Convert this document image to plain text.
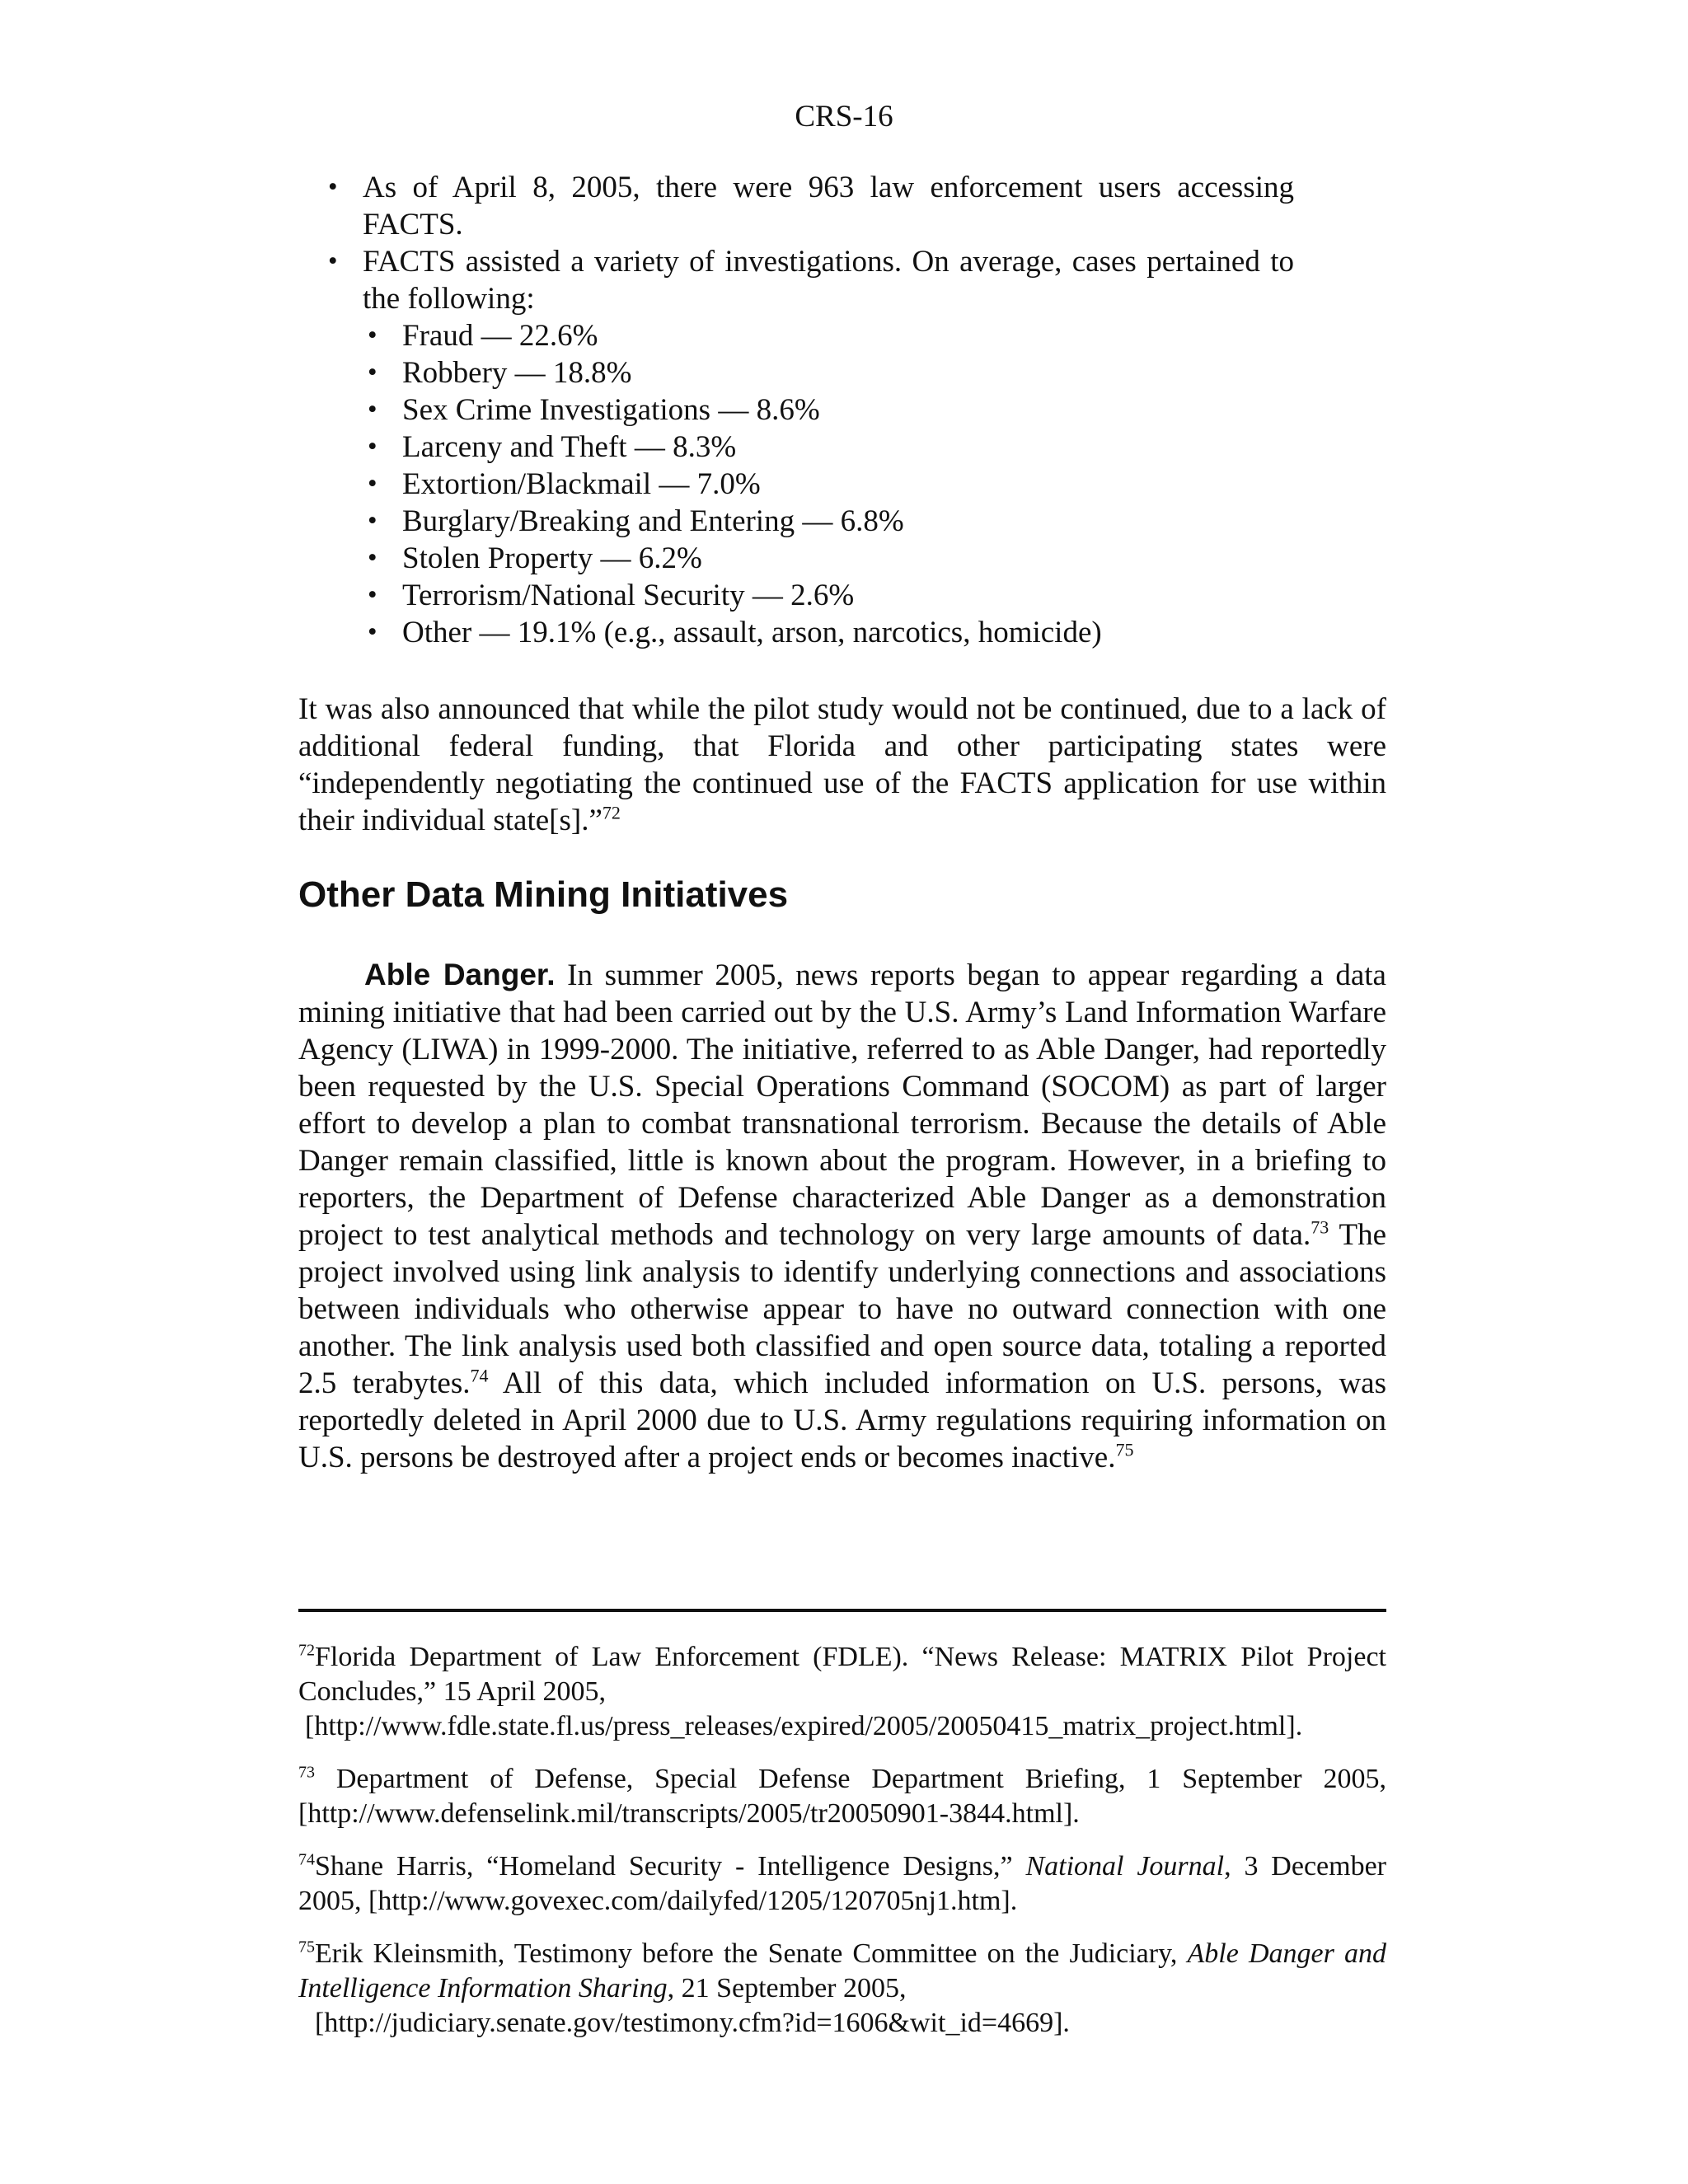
CRS-16
• As of April 8, 2005, there were 963 law enforcement users accessing FACTS.
• FACTS assisted a variety of investigations. On average, cases pertained to the following:
• Fraud — 22.6%
• Robbery — 18.8%
• Sex Crime Investigations — 8.6%
• Larceny and Theft — 8.3%
• Extortion/Blackmail — 7.0%
• Burglary/Breaking and Entering — 6.8%
• Stolen Property — 6.2%
• Terrorism/National Security — 2.6%
• Other — 19.1% (e.g., assault, arson, narcotics, homicide)

It was also announced that while the pilot study would not be continued, due to a lack of additional federal funding, that Florida and other participating states were “independently negotiating the continued use of the FACTS application for use within their individual state[s].”$^{72}$

Other Data Mining Initiatives

Able Danger. In summer 2005, news reports began to appear regarding a data mining initiative that had been carried out by the U.S. Army’s Land Information Warfare Agency (LIWA) in 1999-2000. The initiative, referred to as Able Danger, had reportedly been requested by the U.S. Special Operations Command (SOCOM) as part of larger effort to develop a plan to combat transnational terrorism. Because the details of Able Danger remain classified, little is known about the program. However, in a briefing to reporters, the Department of Defense characterized Able Danger as a demonstration project to test analytical methods and technology on very large amounts of data.$^{73}$ The project involved using link analysis to identify underlying connections and associations between individuals who otherwise appear to have no outward connection with one another. The link analysis used both classified and open source data, totaling a reported 2.5 terabytes.$^{74}$ All of this data, which included information on U.S. persons, was reportedly deleted in April 2000 due to U.S. Army regulations requiring information on U.S. persons be destroyed after a project ends or becomes inactive.$^{75}$

$^{72}$Florida Department of Law Enforcement (FDLE). “News Release: MATRIX Pilot Project Concludes,” 15 April 2005,
[http://www.fdle.state.fl.us/press_releases/expired/2005/20050415_matrix_project.html].

$^{73}$ Department of Defense, Special Defense Department Briefing, 1 September 2005, [http://www.defenselink.mil/transcripts/2005/tr20050901-3844.html].

$^{74}$Shane Harris, “Homeland Security - Intelligence Designs,” National Journal, 3 December 2005, [http://www.govexec.com/dailyfed/1205/120705nj1.htm].

$^{75}$Erik Kleinsmith, Testimony before the Senate Committee on the Judiciary, Able Danger and Intelligence Information Sharing, 21 September 2005,
[http://judiciary.senate.gov/testimony.cfm?id=1606&wit_id=4669].
